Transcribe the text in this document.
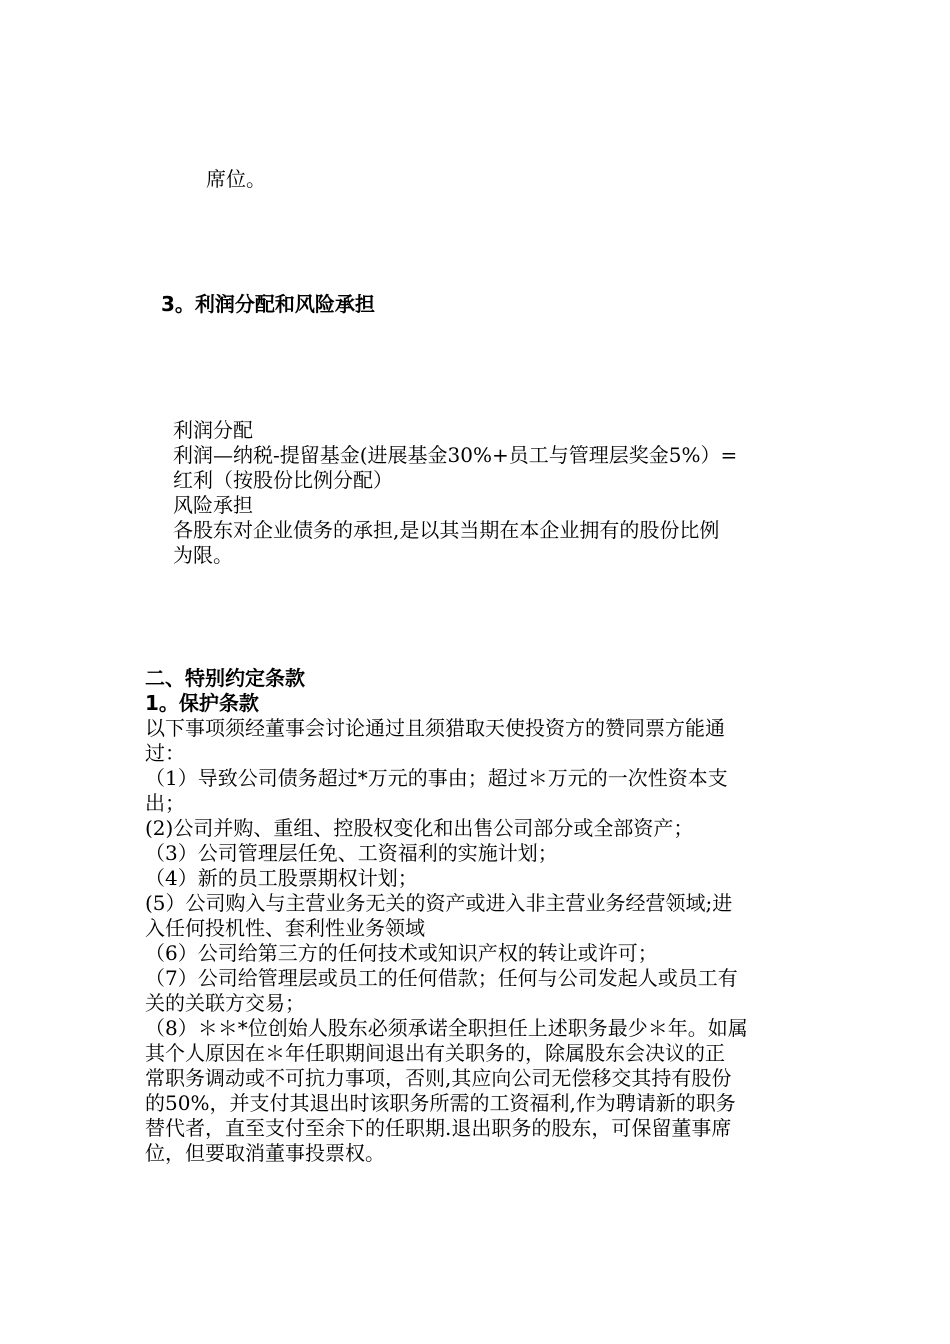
席位。
3。利润分配和风险承担
利润分配
利润—纳税-提留基金(进展基金30%+员工与管理层奖金5%）=
红利（按股份比例分配）
风险承担
各股东对企业债务的承担,是以其当期在本企业拥有的股份比例
为限。
二、特别约定条款
1。保护条款
以下事项须经董事会讨论通过且须猎取天使投资方的赞同票方能通
过：
（1）导致公司债务超过*万元的事由；超过＊万元的一次性资本支
出；
(2)公司并购、重组、控股权变化和出售公司部分或全部资产；
（3）公司管理层任免、工资福利的实施计划；
（4）新的员工股票期权计划；
(5）公司购入与主营业务无关的资产或进入非主营业务经营领域;进
入任何投机性、套利性业务领域
（6）公司给第三方的任何技术或知识产权的转让或许可；
（7）公司给管理层或员工的任何借款；任何与公司发起人或员工有
关的关联方交易；
（8）＊＊*位创始人股东必须承诺全职担任上述职务最少＊年。如属
其个人原因在＊年任职期间退出有关职务的，除属股东会决议的正
常职务调动或不可抗力事项，否则,其应向公司无偿移交其持有股份
的50%，并支付其退出时该职务所需的工资福利,作为聘请新的职务
替代者，直至支付至余下的任职期.退出职务的股东，可保留董事席
位，但要取消董事投票权。
